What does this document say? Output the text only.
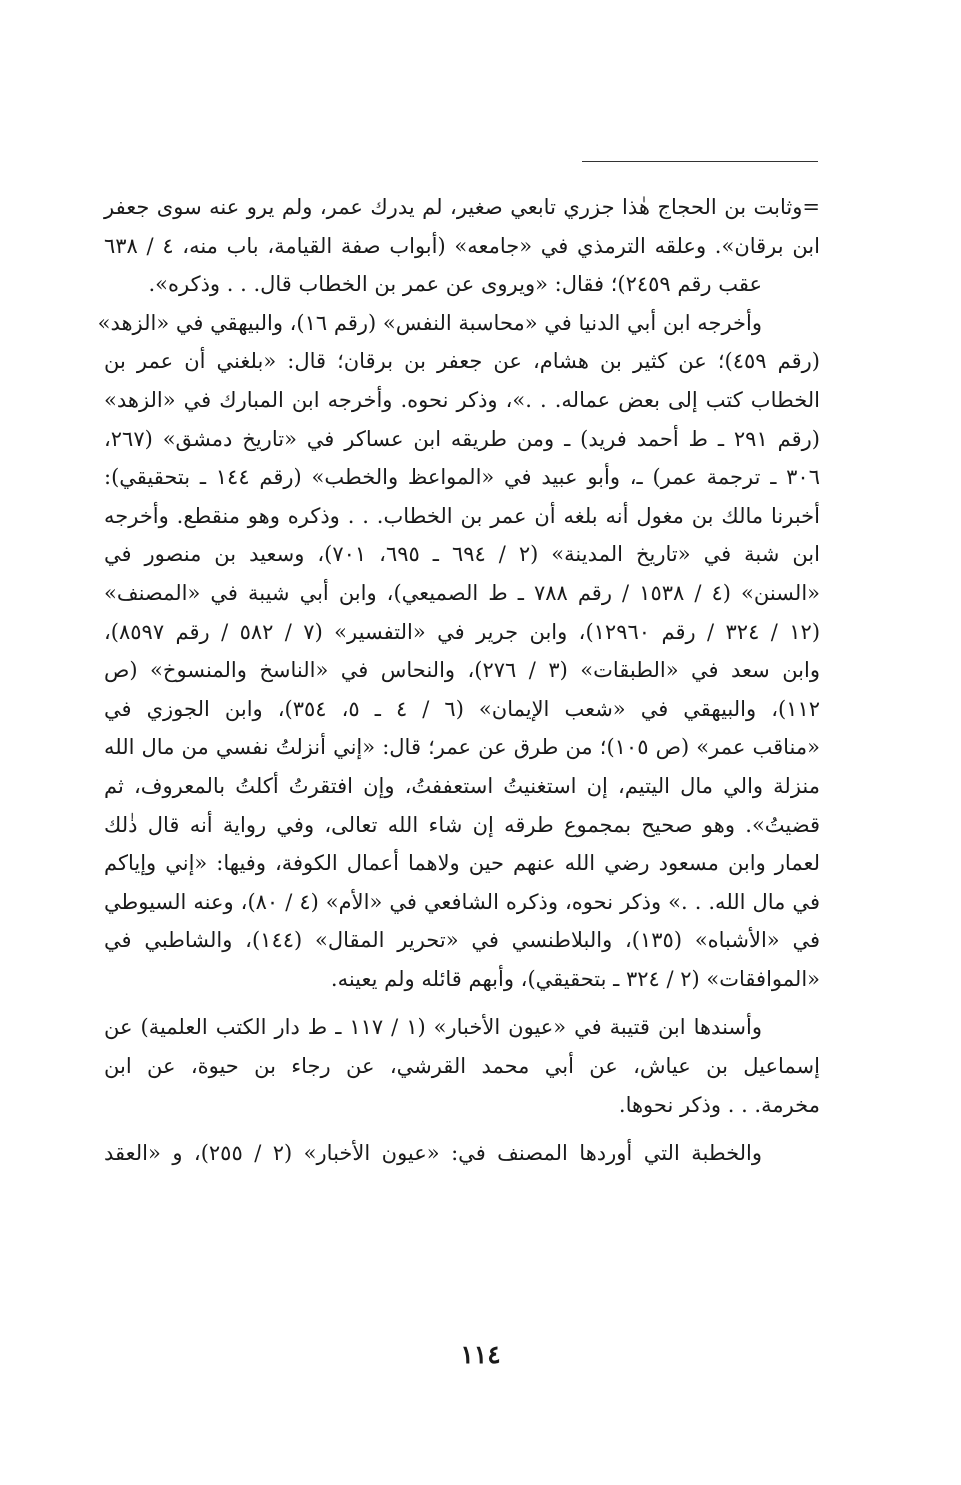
=وثابت بن الحجاج هٰذا جزري تابعي صغير، لم يدرك عمر، ولم يرو عنه سوى جعفر
ابن برقان». وعلقه الترمذي في «جامعه» (أبواب صفة القيامة، باب منه، ٤ / ٦٣٨
عقب رقم ٢٤٥٩)؛ فقال: «ويروى عن عمر بن الخطاب قال. . . وذكره».

وأخرجه ابن أبي الدنيا في «محاسبة النفس» (رقم ١٦)، والبيهقي في «الزهد»
(رقم ٤٥٩)؛ عن كثير بن هشام، عن جعفر بن برقان؛ قال: «بلغني أن عمر بن
الخطاب كتب إلى بعض عماله. . .»، وذكر نحوه. وأخرجه ابن المبارك في «الزهد»
(رقم ٢٩١ ـ ط أحمد فريد) ـ ومن طريقه ابن عساكر في «تاريخ دمشق» (٢٦٧،
٣٠٦ ـ ترجمة عمر) ـ، وأبو عبيد في «المواعظ والخطب» (رقم ١٤٤ ـ بتحقيقي):
أخبرنا مالك بن مغول أنه بلغه أن عمر بن الخطاب. . . وذكره وهو منقطع. وأخرجه
ابن شبة في «تاريخ المدينة» (٢ / ٦٩٤ ـ ٦٩٥، ٧٠١)، وسعيد بن منصور في
«السنن» (٤ / ١٥٣٨ / رقم ٧٨٨ ـ ط الصميعي)، وابن أبي شيبة في «المصنف»
(١٢ / ٣٢٤ / رقم ١٢٩٦٠)، وابن جرير في «التفسير» (٧ / ٥٨٢ / رقم ٨٥٩٧)،
وابن سعد في «الطبقات» (٣ / ٢٧٦)، والنحاس في «الناسخ والمنسوخ» (ص
١١٢)، والبيهقي في «شعب الإيمان» (٦ / ٤ ـ ٥، ٣٥٤)، وابن الجوزي في
«مناقب عمر» (ص ١٠٥)؛ من طرق عن عمر؛ قال: «إني أنزلتُ نفسي من مال الله
منزلة والي مال اليتيم، إن استغنيتُ استعففتُ، وإن افتقرتُ أكلتُ بالمعروف، ثم
قضيتُ». وهو صحيح بمجموع طرقه إن شاء الله تعالى، وفي رواية أنه قال ذٰلك
لعمار وابن مسعود رضي الله عنهم حين ولاهما أعمال الكوفة، وفيها: «إني وإياكم
في مال الله. . .» وذكر نحوه، وذكره الشافعي في «الأم» (٤ / ٨٠)، وعنه السيوطي
في «الأشباه» (١٣٥)، والبلاطنسي في «تحرير المقال» (١٤٤)، والشاطبي في
«الموافقات» (٢ / ٣٢٤ ـ بتحقيقي)، وأبهم قائله ولم يعينه.

وأسندها ابن قتيبة في «عيون الأخبار» (١ / ١١٧ ـ ط دار الكتب العلمية) عن
إسماعيل بن عياش، عن أبي محمد القرشي، عن رجاء بن حيوة، عن ابن
مخرمة. . . وذكر نحوها.

والخطبة التي أوردها المصنف في: «عيون الأخبار» (٢ / ٢٥٥)، و «العقد

١١٤
